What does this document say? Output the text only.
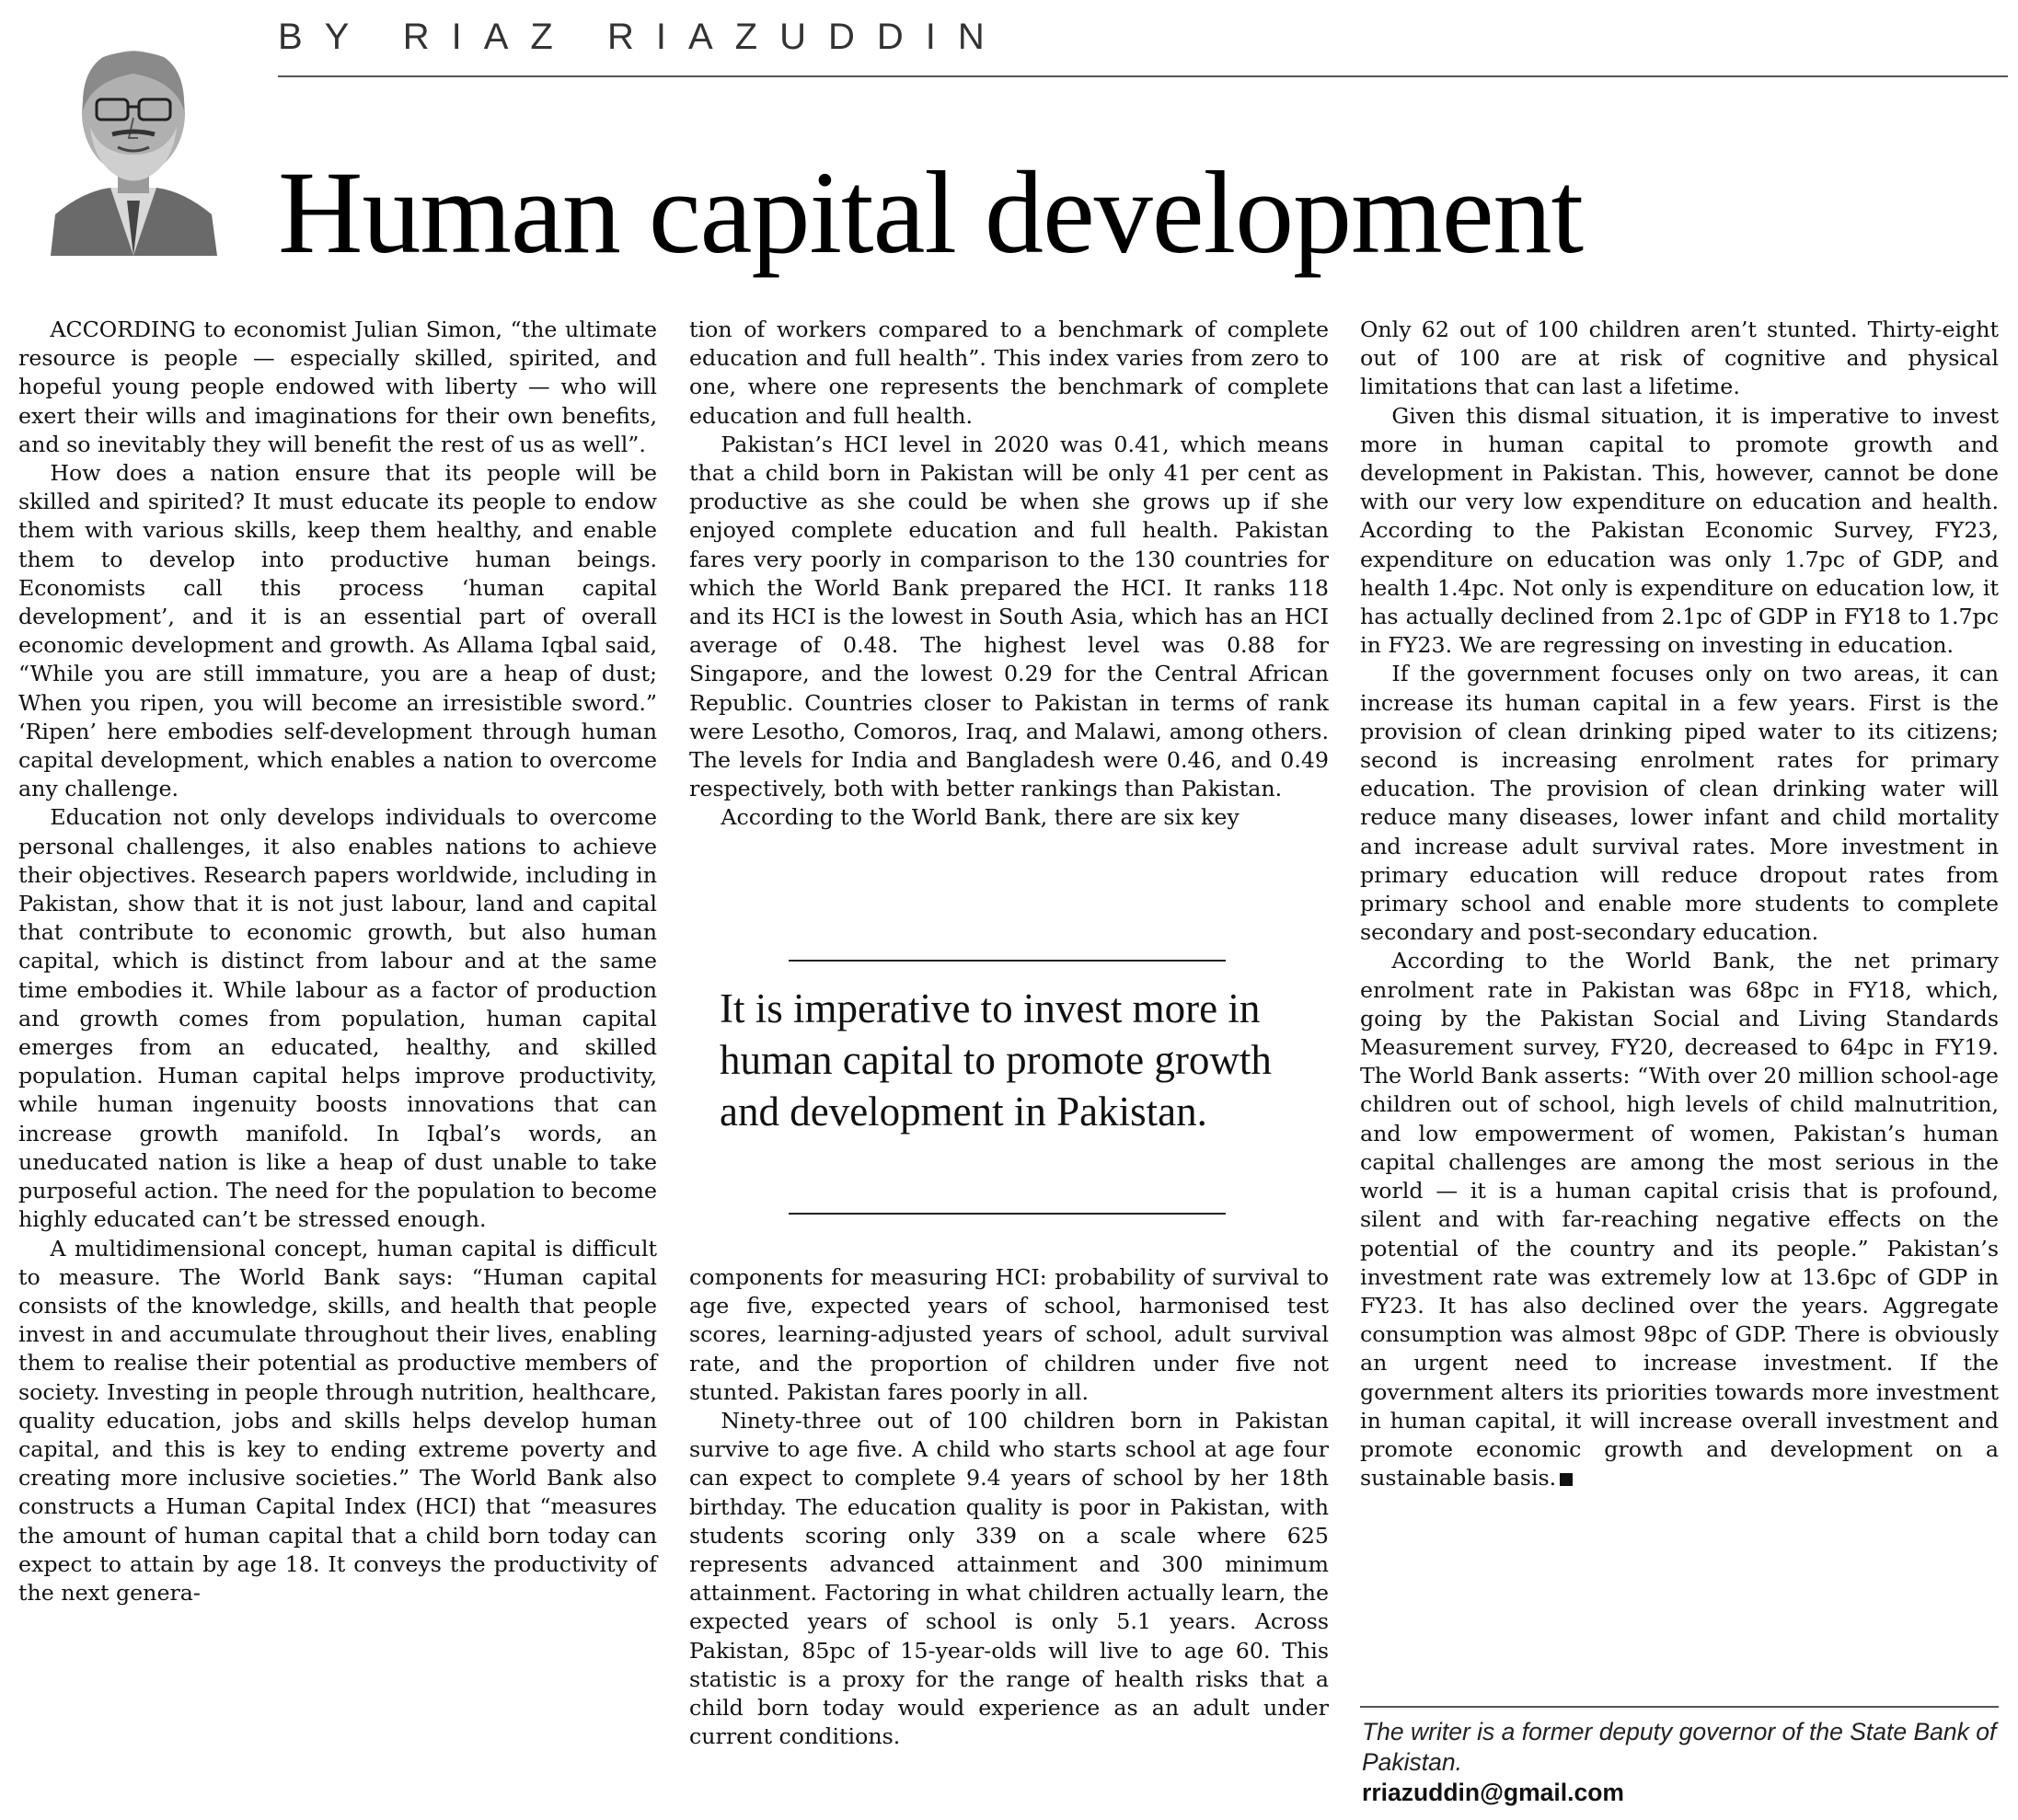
BY RIAZ RIAZUDDIN
Human capital development

ACCORDING to economist Julian Simon, “the ultimate resource is people — especially skilled, spirited, and hopeful young people endowed with liberty — who will exert their wills and imaginations for their own benefits, and so inevitably they will benefit the rest of us as well”.

How does a nation ensure that its people will be skilled and spirited? It must educate its people to endow them with various skills, keep them healthy, and enable them to develop into productive human beings. Economists call this process ‘human capital development’, and it is an essential part of overall economic development and growth. As Allama Iqbal said, “While you are still immature, you are a heap of dust; When you ripen, you will become an irresistible sword.” ‘Ripen’ here embodies self-development through human capital development, which enables a nation to overcome any challenge.

Education not only develops individuals to overcome personal challenges, it also enables nations to achieve their objectives. Research papers worldwide, including in Pakistan, show that it is not just labour, land and capital that contribute to economic growth, but also human capital, which is distinct from labour and at the same time embodies it. While labour as a factor of production and growth comes from population, human capital emerges from an educated, healthy, and skilled population. Human capital helps improve productivity, while human ingenuity boosts innovations that can increase growth manifold. In Iqbal’s words, an uneducated nation is like a heap of dust unable to take purposeful action. The need for the population to become highly educated can’t be stressed enough.

A multidimensional concept, human capital is difficult to measure. The World Bank says: “Human capital consists of the knowledge, skills, and health that people invest in and accumulate throughout their lives, enabling them to realise their potential as productive members of society. Investing in people through nutrition, healthcare, quality education, jobs and skills helps develop human capital, and this is key to ending extreme poverty and creating more inclusive societies.” The World Bank also constructs a Human Capital Index (HCI) that “measures the amount of human capital that a child born today can expect to attain by age 18. It conveys the productivity of the next genera-

tion of workers compared to a benchmark of complete education and full health”. This index varies from zero to one, where one represents the benchmark of complete education and full health.

Pakistan’s HCI level in 2020 was 0.41, which means that a child born in Pakistan will be only 41 per cent as productive as she could be when she grows up if she enjoyed complete education and full health. Pakistan fares very poorly in comparison to the 130 countries for which the World Bank prepared the HCI. It ranks 118 and its HCI is the lowest in South Asia, which has an HCI average of 0.48. The highest level was 0.88 for Singapore, and the lowest 0.29 for the Central African Republic. Countries closer to Pakistan in terms of rank were Lesotho, Comoros, Iraq, and Malawi, among others. The levels for India and Bangladesh were 0.46, and 0.49 respectively, both with better rankings than Pakistan.

According to the World Bank, there are six key

It is imperative to invest more in human capital to promote growth and development in Pakistan.

components for measuring HCI: probability of survival to age five, expected years of school, harmonised test scores, learning-adjusted years of school, adult survival rate, and the proportion of children under five not stunted. Pakistan fares poorly in all.

Ninety-three out of 100 children born in Pakistan survive to age five. A child who starts school at age four can expect to complete 9.4 years of school by her 18th birthday. The education quality is poor in Pakistan, with students scoring only 339 on a scale where 625 represents advanced attainment and 300 minimum attainment. Factoring in what children actually learn, the expected years of school is only 5.1 years. Across Pakistan, 85pc of 15-year-olds will live to age 60. This statistic is a proxy for the range of health risks that a child born today would experience as an adult under current conditions.

Only 62 out of 100 children aren’t stunted. Thirty-eight out of 100 are at risk of cognitive and physical limitations that can last a lifetime.

Given this dismal situation, it is imperative to invest more in human capital to promote growth and development in Pakistan. This, however, cannot be done with our very low expenditure on education and health. According to the Pakistan Economic Survey, FY23, expenditure on education was only 1.7pc of GDP, and health 1.4pc. Not only is expenditure on education low, it has actually declined from 2.1pc of GDP in FY18 to 1.7pc in FY23. We are regressing on investing in education.

If the government focuses only on two areas, it can increase its human capital in a few years. First is the provision of clean drinking piped water to its citizens; second is increasing enrolment rates for primary education. The provision of clean drinking water will reduce many diseases, lower infant and child mortality and increase adult survival rates. More investment in primary education will reduce dropout rates from primary school and enable more students to complete secondary and post-secondary education.

According to the World Bank, the net primary enrolment rate in Pakistan was 68pc in FY18, which, going by the Pakistan Social and Living Standards Measurement survey, FY20, decreased to 64pc in FY19. The World Bank asserts: “With over 20 million school-age children out of school, high levels of child malnutrition, and low empowerment of women, Pakistan’s human capital challenges are among the most serious in the world — it is a human capital crisis that is profound, silent and with far-reaching negative effects on the potential of the country and its people.” Pakistan’s investment rate was extremely low at 13.6pc of GDP in FY23. It has also declined over the years. Aggregate consumption was almost 98pc of GDP. There is obviously an urgent need to increase investment. If the government alters its priorities towards more investment in human capital, it will increase overall investment and promote economic growth and development on a sustainable basis.

The writer is a former deputy governor of the State Bank of Pakistan.
rriazuddin@gmail.com
